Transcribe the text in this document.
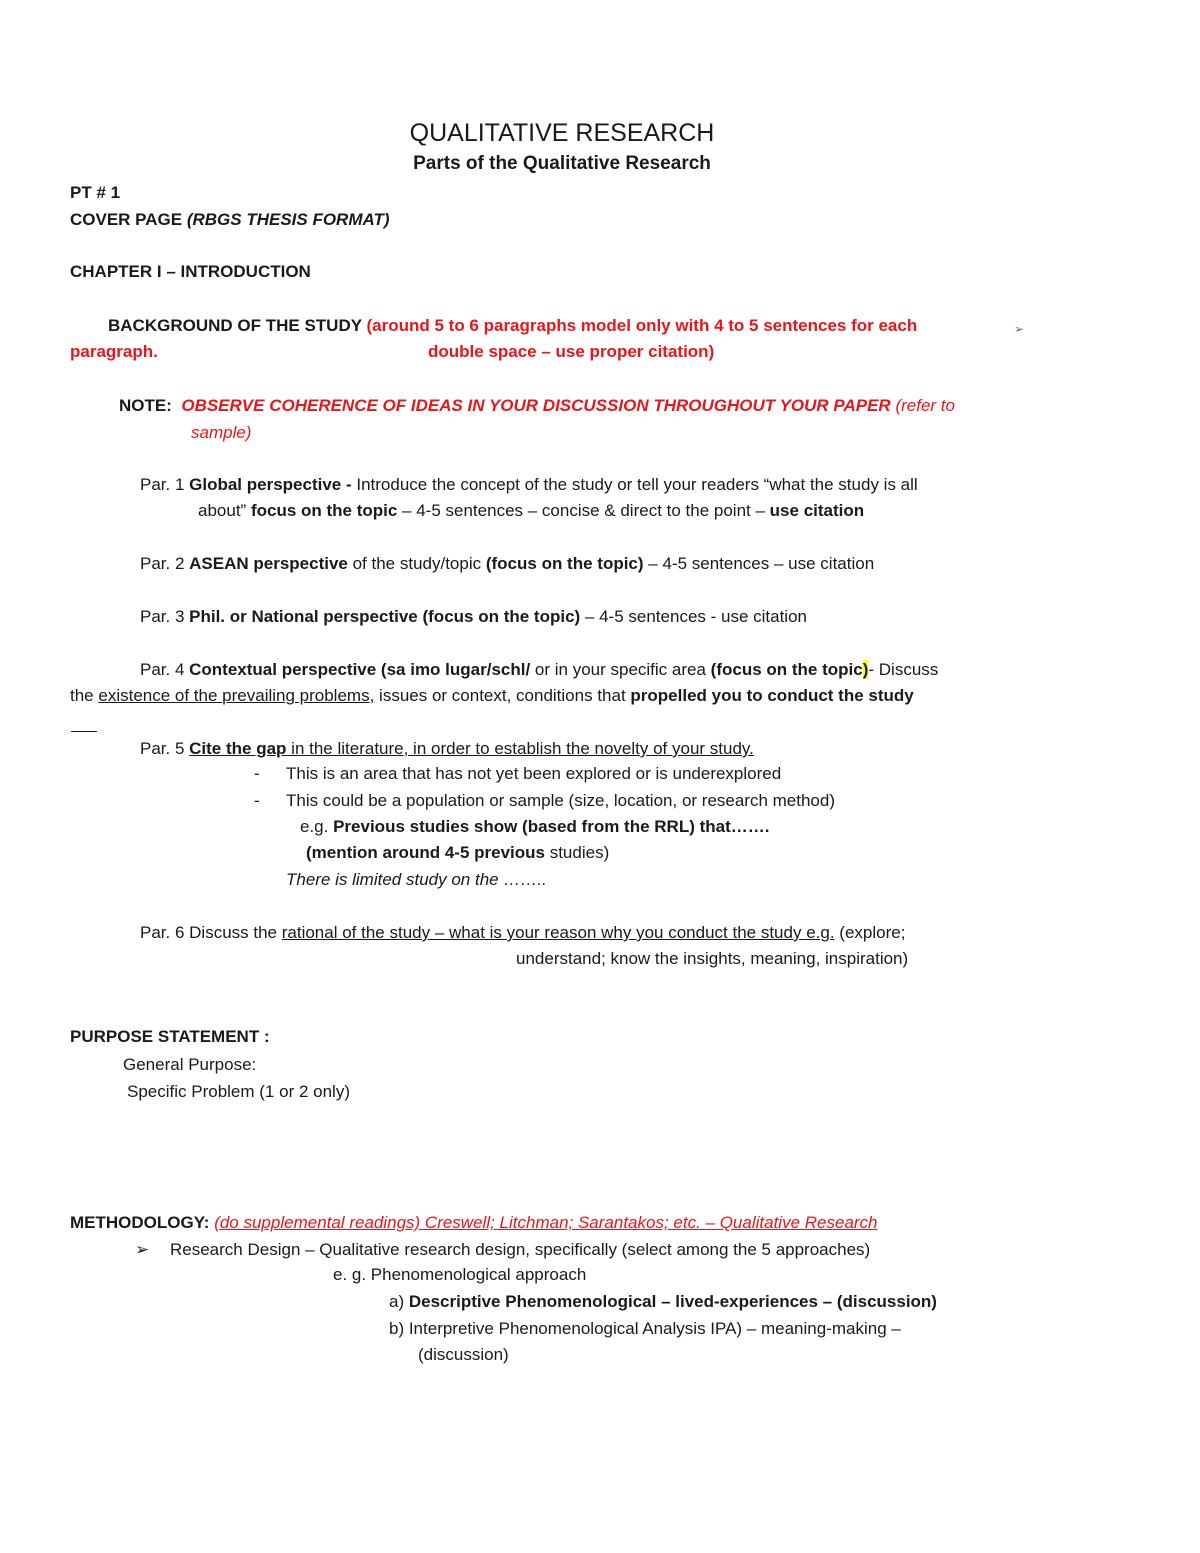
QUALITATIVE RESEARCH
Parts of the Qualitative Research
PT # 1
COVER PAGE (RBGS THESIS FORMAT)
CHAPTER I – INTRODUCTION
BACKGROUND OF THE STUDY (around 5 to 6 paragraphs model only with 4 to 5 sentences for each	➢
paragraph.	double space – use proper citation)
NOTE: OBSERVE COHERENCE OF IDEAS IN YOUR DISCUSSION THROUGHOUT YOUR PAPER (refer to
sample)
Par. 1 Global perspective - Introduce the concept of the study or tell your readers “what the study is all
about” focus on the topic – 4-5 sentences – concise & direct to the point – use citation
Par. 2 ASEAN perspective of the study/topic (focus on the topic) – 4-5 sentences – use citation
Par. 3 Phil. or National perspective (focus on the topic) – 4-5 sentences - use citation
Par. 4 Contextual perspective (sa imo lugar/schl/ or in your specific area (focus on the topic)- Discuss
the existence of the prevailing problems, issues or context, conditions that propelled you to conduct the study
Par. 5 Cite the gap in the literature, in order to establish the novelty of your study.
- This is an area that has not yet been explored or is underexplored
- This could be a population or sample (size, location, or research method)
e.g. Previous studies show (based from the RRL) that…….
(mention around 4-5 previous studies)
There is limited study on the ……..
Par. 6 Discuss the rational of the study – what is your reason why you conduct the study e.g. (explore;
understand; know the insights, meaning, inspiration)
PURPOSE STATEMENT :
General Purpose:
Specific Problem (1 or 2 only)
METHODOLOGY: (do supplemental readings) Creswell; Litchman; Sarantakos; etc. – Qualitative Research
➢ Research Design – Qualitative research design, specifically (select among the 5 approaches)
e. g. Phenomenological approach
a) Descriptive Phenomenological – lived-experiences – (discussion)
b) Interpretive Phenomenological Analysis IPA) – meaning-making –
(discussion)
